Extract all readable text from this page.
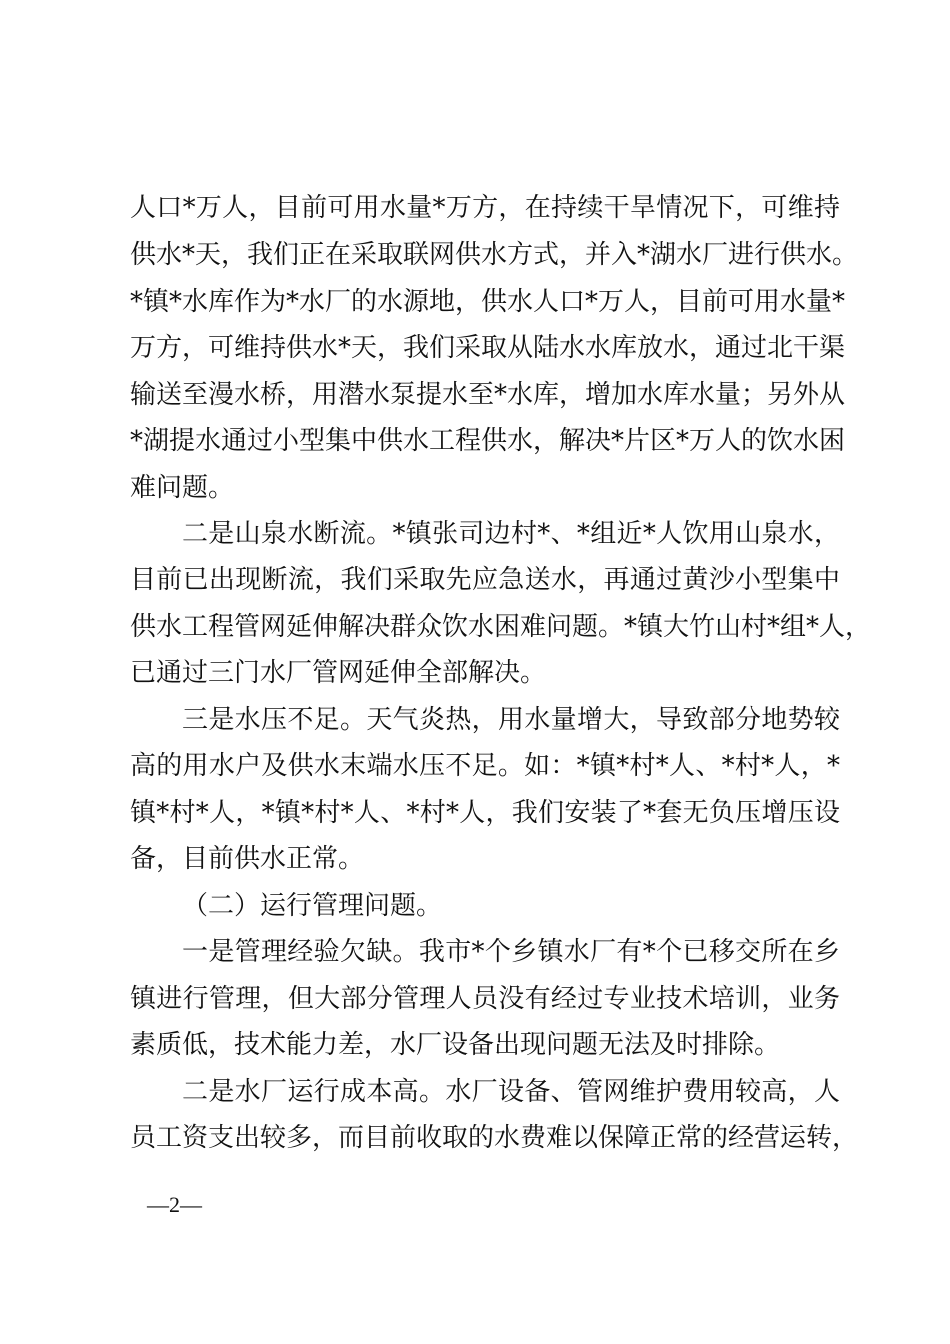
人口*万人，目前可用水量*万方，在持续干旱情况下，可维持
供水*天，我们正在采取联网供水方式，并入*湖水厂进行供水。
*镇*水库作为*水厂的水源地，供水人口*万人，目前可用水量*
万方，可维持供水*天，我们采取从陆水水库放水，通过北干渠
输送至漫水桥，用潜水泵提水至*水库，增加水库水量；另外从
*湖提水通过小型集中供水工程供水，解决*片区*万人的饮水困
难问题。
二是山泉水断流。*镇张司边村*、*组近*人饮用山泉水，
目前已出现断流，我们采取先应急送水，再通过黄沙小型集中
供水工程管网延伸解决群众饮水困难问题。*镇大竹山村*组*人，
已通过三门水厂管网延伸全部解决。
三是水压不足。天气炎热，用水量增大，导致部分地势较
高的用水户及供水末端水压不足。如：*镇*村*人、*村*人，*
镇*村*人，*镇*村*人、*村*人，我们安装了*套无负压增压设
备，目前供水正常。
（二）运行管理问题。
一是管理经验欠缺。我市*个乡镇水厂有*个已移交所在乡
镇进行管理，但大部分管理人员没有经过专业技术培训，业务
素质低，技术能力差，水厂设备出现问题无法及时排除。
二是水厂运行成本高。水厂设备、管网维护费用较高，人
员工资支出较多，而目前收取的水费难以保障正常的经营运转，
—2—
